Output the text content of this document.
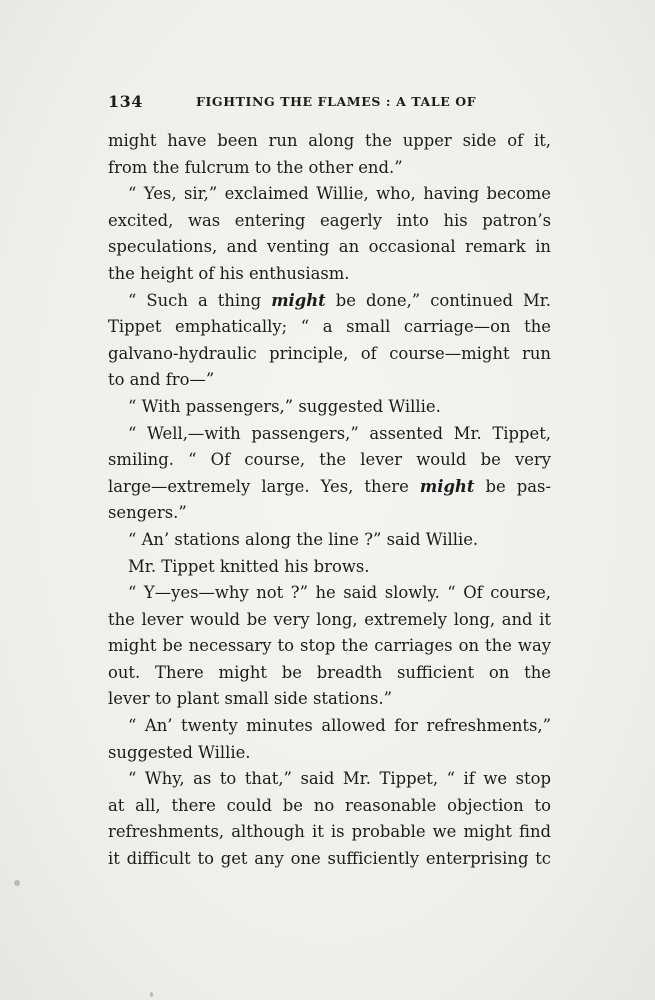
134	FIGHTING THE FLAMES : A TALE OF
might have been run along the upper side of it,
from the fulcrum to the other end.”
“ Yes, sir,” exclaimed Willie, who, having become
excited, was entering eagerly into his patron’s
speculations, and venting an occasional remark in
the height of his enthusiasm.
“ Such a thing might be done,” continued Mr.
Tippet emphatically; “ a small carriage—on the
galvano-hydraulic principle, of course—might run
to and fro—”
“ With passengers,” suggested Willie.
“ Well,—with passengers,” assented Mr. Tippet,
smiling. “ Of course, the lever would be very
large—extremely large. Yes, there might be pas-
sengers.”
“ An’ stations along the line ?” said Willie.
Mr. Tippet knitted his brows.
“ Y—yes—why not ?” he said slowly. “ Of course,
the lever would be very long, extremely long, and it
might be necessary to stop the carriages on the way
out. There might be breadth sufficient on the
lever to plant small side stations.”
“ An’ twenty minutes allowed for refreshments,”
suggested Willie.
“ Why, as to that,” said Mr. Tippet, “ if we stop
at all, there could be no reasonable objection to
refreshments, although it is probable we might find
it difficult to get any one sufficiently enterprising tc
